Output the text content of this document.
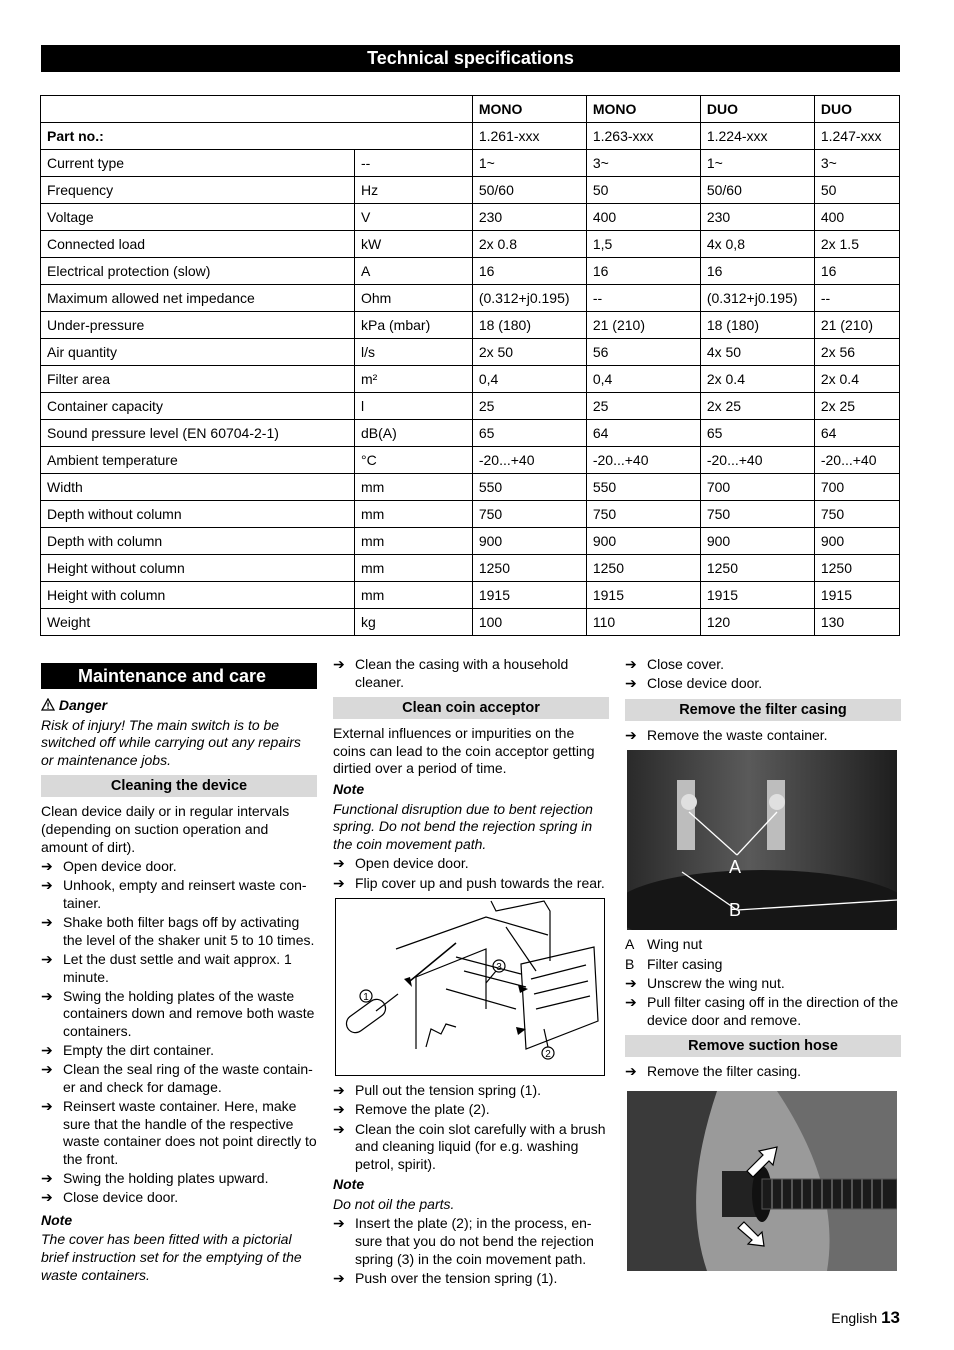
Technical specifications
		MONO	MONO	DUO	DUO
Part no.:		1.261-xxx	1.263-xxx	1.224-xxx	1.247-xxx
Current type	--	1~	3~	1~	3~
Frequency	Hz	50/60	50	50/60	50
Voltage	V	230	400	230	400
Connected load	kW	2x 0.8	1,5	4x 0,8	2x 1.5
Electrical protection (slow)	A	16	16	16	16
Maximum allowed net impedance	Ohm	(0.312+j0.195)	--	(0.312+j0.195)	--
Under-pressure	kPa (mbar)	18 (180)	21 (210)	18 (180)	21 (210)
Air quantity	l/s	2x 50	56	4x 50	2x 56
Filter area	m²	0,4	0,4	2x 0.4	2x 0.4
Container capacity	l	25	25	2x 25	2x 25
Sound pressure level (EN 60704-2-1)	dB(A)	65	64	65	64
Ambient temperature	°C	-20...+40	-20...+40	-20...+40	-20...+40
Width	mm	550	550	700	700
Depth without column	mm	750	750	750	750
Depth with column	mm	900	900	900	900
Height without column	mm	1250	1250	1250	1250
Height with column	mm	1915	1915	1915	1915
Weight	kg	100	110	120	130
Maintenance and care
Danger
Risk of injury! The main switch is to be switched off while carrying out any repairs or maintenance jobs.
Cleaning the device
Clean device daily or in regular intervals (depending on suction operation and amount of dirt).
➔ Open device door.
➔ Unhook, empty and reinsert waste con-tainer.
➔ Shake both filter bags off by activating the level of the shaker unit 5 to 10 times.
➔ Let the dust settle and wait approx. 1 minute.
➔ Swing the holding plates of the waste containers down and remove both waste containers.
➔ Empty the dirt container.
➔ Clean the seal ring of the waste contain-er and check for damage.
➔ Reinsert waste container. Here, make sure that the handle of the respective waste container does not point directly to the front.
➔ Swing the holding plates upward.
➔ Close device door.
Note
The cover has been fitted with a pictorial brief instruction set for the emptying of the waste containers.
➔ Clean the casing with a household cleaner.
Clean coin acceptor
External influences or impurities on the coins can lead to the coin acceptor getting dirtied over a period of time.
Note
Functional disruption due to bent rejection spring. Do not bend the rejection spring in the coin movement path.
➔ Open device door.
➔ Flip cover up and push towards the rear.
1
2
3
➔ Pull out the tension spring (1).
➔ Remove the plate (2).
➔ Clean the coin slot carefully with a brush and cleaning liquid (for e.g. washing petrol, spirit).
Note
Do not oil the parts.
➔ Insert the plate (2); in the process, en-sure that you do not bend the rejection spring (3) in the coin movement path.
➔ Push over the tension spring (1).
➔ Close cover.
➔ Close device door.
Remove the filter casing
➔ Remove the waste container.
A
B
A Wing nut
B Filter casing
➔ Unscrew the wing nut.
➔ Pull filter casing off in the direction of the device door and remove.
Remove suction hose
➔ Remove the filter casing.
English 13
